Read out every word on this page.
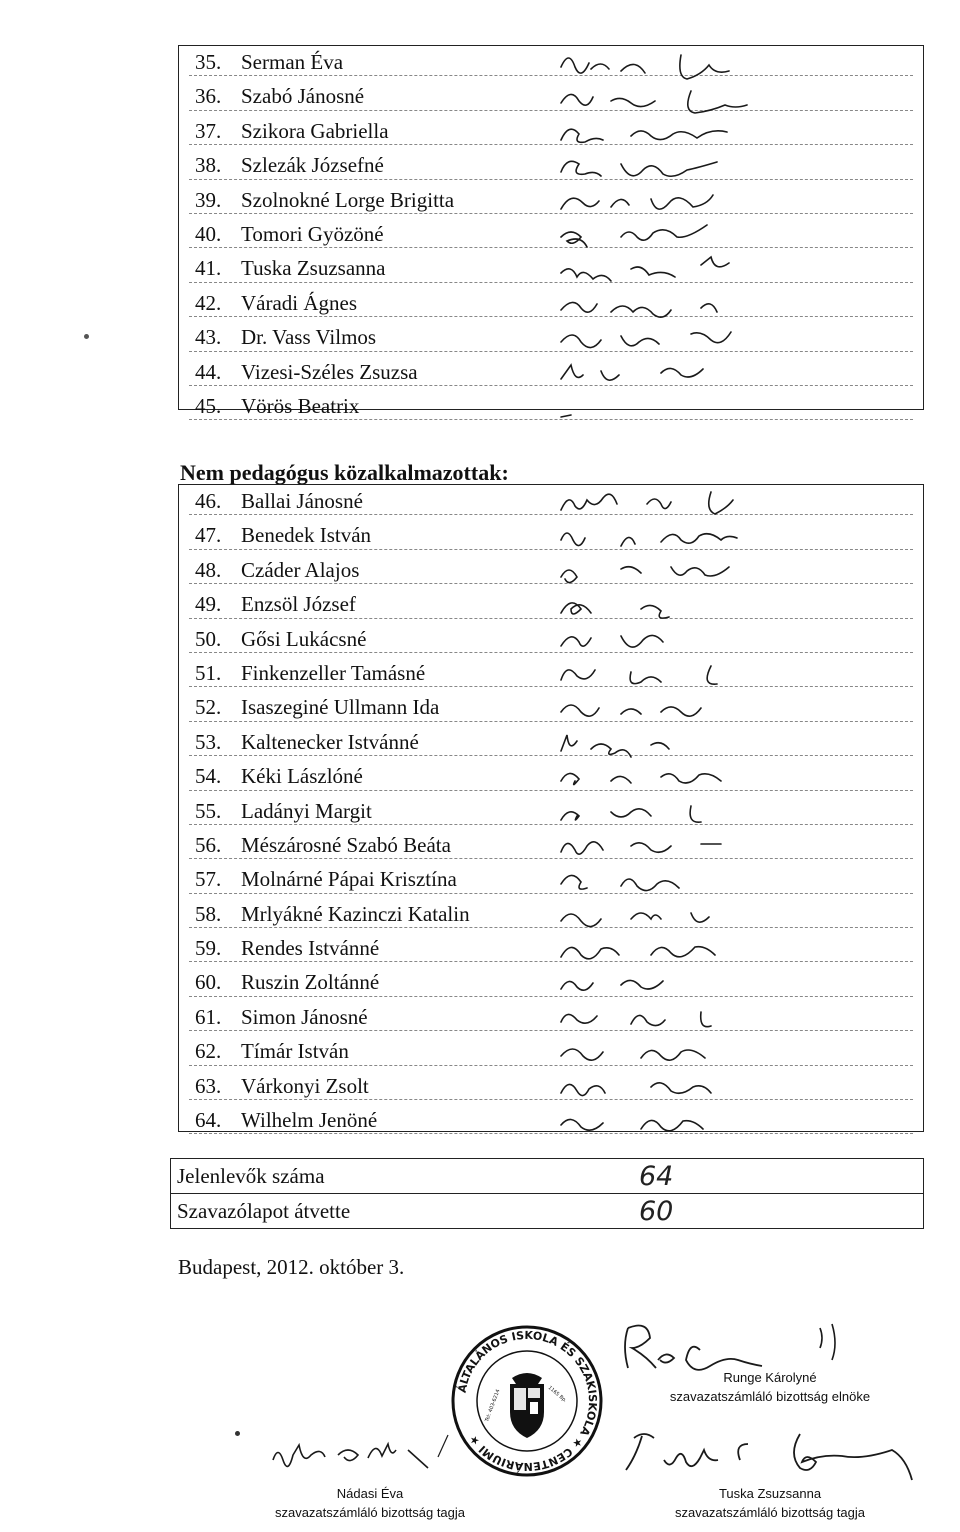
35. Serman Éva
36. Szabó Jánosné
37. Szikora Gabriella
38. Szlezák Józsefné
39. Szolnokné Lorge Brigitta
40. Tomori Gyözöné
41. Tuska Zsuzsanna
42. Váradi Ágnes
43. Dr. Vass Vilmos
44. Vizesi-Széles Zsuzsa
45. Vörös Beatrix
Nem pedagógus közalkalmazottak:
46. Ballai Jánosné
47. Benedek István
48. Czáder Alajos
49. Enzsöl József
50. Gősi Lukácsné
51. Finkenzeller Tamásné
52. Isaszeginé Ullmann Ida
53. Kaltenecker Istvánné
54. Kéki Lászlóné
55. Ladányi Margit
56. Mészárosné Szabó Beáta
57. Molnárné Pápai Krisztína
58. Mrlyákné Kazinczi Katalin
59. Rendes Istvánné
60. Ruszin Zoltánné
61. Simon Jánosné
62. Tímár István
63. Várkonyi Zsolt
64. Wilhelm Jenöné
Jelenlevők száma	64
Szavazólapot átvette	60
Budapest, 2012. október 3.
ÁLTALÁNOS ISKOLA ÉS SZAKISKOLA ★ CENTENÁRIUMI ★
1165 Bp.
Tel: 403-6214
Nádasi Éva
szavazatszámláló bizottság tagja
Runge Károlyné
szavazatszámláló bizottság elnöke
Tuska Zsuzsanna
szavazatszámláló bizottság tagja
